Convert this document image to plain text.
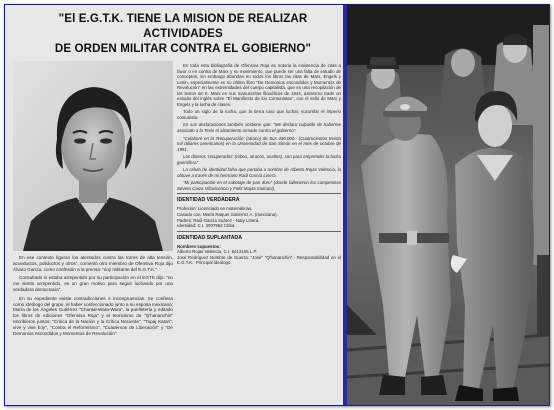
"El E.G.T.K. TIENE LA MISION DE REALIZAR ACTIVIDADES
DE ORDEN MILITAR CONTRA EL GOBIERNO"

En toda esta bibliografía de Ofensiva Roja es notoria la insistencia de citas a favor o en contra de Marx y su movimiento, que puede ser una falta de estudio de conceptos, sin embargo abundan en todos los libros las citas de Marx, Engels y Lenin, especialmente en su último libro "De Demonios escondidos y Momentos de Revolución" en las extremidades del cuerpo capitalista, que es una recopilación de los textos de K. Marx en sus manuscritos filosóficos de 1844, asimismo trade un estudio del inglés sobre "El Manifiesto de los Comunistas", con el sello de Marx y Engels y la lucha de clases.

Todo un siglo de la lucha, que la tierra tuvo que luchar, sucumbir el imperio comunista.

En sus declaraciones también sostiene que: "Me declaro culpable de haberme asociado a la Tesis el alzamiento armado contra el gobierno".

"Colaboré en la 'Recuperación' (atraco) de Sus 430.000.- (Cuatrocientos treinta mil dólares americanos) en la Universidad de San Simón en el mes de octubre de 1991.

Los dineros 'recuperados' (robos, atracos, asaltos), son para emprender la lucha guerrillera".

La célula de identidad falsa que portaba a nombre de Alberto Rojas Valencia, la obtuve a través de mi hermano Raúl García Linera.

"Mi participación en el sabotaje de pan duro" (donde fallecieron los campesinos Severo Caiza Villavicencio y Feliz Mayta mamani).

IDENTIDAD VERDADERA
Profesión: Licenciado en matemáticas.
Casado con: María Raquel Gutiérrez A. (mexicana).
Padres: Raúl García Suárez - Naty Linera.
Identidad: C.I. 3007962 Cbba.
IDENTIDAD SUPLANTADA
Nombres supuestos:
Alberto Rojas Valencia, C.I. 6413165 L.P.
José Rodríguez Nombre de Guerra: "José" "Q'hananchiri".- Responsabilidad en el E.G.T.K.: Principal ideólogo.

En ese contexto figuran los atentados contra las torres de alta tensión, acueductos, poliductos y otros", comentó otro miembro de Ofensiva Roja dijo Álvaro García, como confesión a la prensa: "soy militante del E.G.T.K."

Consultado si estaba arrepentido por su participación en el EGTK dijo: "no me siento arrepentido, es un gran motivo para seguir luchando por una verdadera democracia".

En su expediente existe contradicciones e incongruencias. Se confiesa como ideólogo del grupo, el haber confeccionado junto a su esposa mexicana; María de los Ángeles Gutiérrez "Chantal-Wara-Wara", la panfletería y editado los libros de ediciones "Ofensiva Roja" y el teoricismo de "Q'hananchiri" escribieron juntos: "Crítica de la Nación y la Crítica Naciente", "Tupaj Katari", vive y vive hoy", "Contra el Reformismo", "Cuadernos de Liberación" y "De Demonios escondidos y Momentos de Revolución".
